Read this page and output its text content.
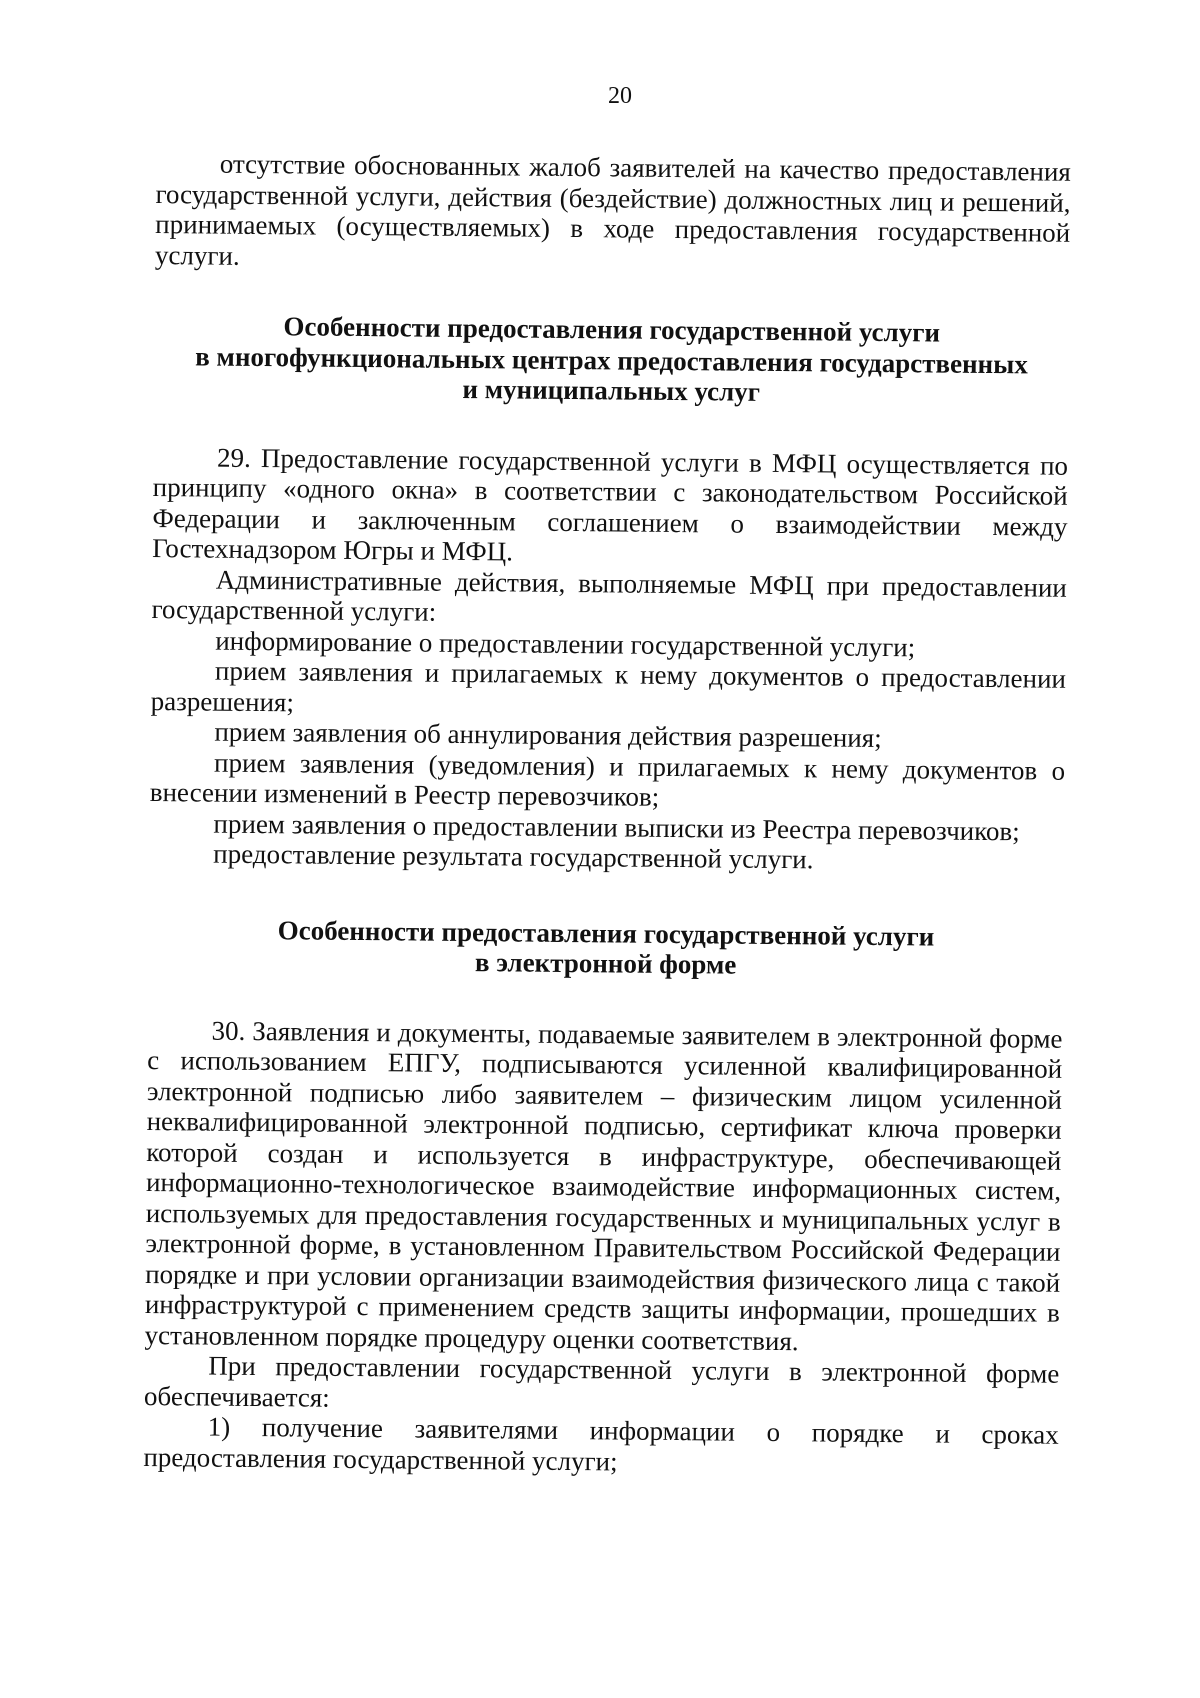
20

отсутствие обоснованных жалоб заявителей на качество предоставления государственной услуги, действия (бездействие) должностных лиц и решений, принимаемых (осуществляемых) в ходе предоставления государственной услуги.

Особенности предоставления государственной услуги
в многофункциональных центрах предоставления государственных
и муниципальных услуг

29. Предоставление государственной услуги в МФЦ осуществляется по принципу «одного окна» в соответствии с законодательством Российской Федерации и заключенным соглашением о взаимодействии между Гостехнадзором Югры и МФЦ.

Административные действия, выполняемые МФЦ при предоставлении государственной услуги:

информирование о предоставлении государственной услуги;

прием заявления и прилагаемых к нему документов о предоставлении разрешения;

прием заявления об аннулирования действия разрешения;

прием заявления (уведомления) и прилагаемых к нему документов о внесении изменений в Реестр перевозчиков;

прием заявления о предоставлении выписки из Реестра перевозчиков;

предоставление результата государственной услуги.

Особенности предоставления государственной услуги
в электронной форме

30. Заявления и документы, подаваемые заявителем в электронной форме с использованием ЕПГУ, подписываются усиленной квалифицированной электронной подписью либо заявителем – физическим лицом усиленной неквалифицированной электронной подписью, сертификат ключа проверки которой создан и используется в инфраструктуре, обеспечивающей информационно-технологическое взаимодействие информационных систем, используемых для предоставления государственных и муниципальных услуг в электронной форме, в установленном Правительством Российской Федерации порядке и при условии организации взаимодействия физического лица с такой инфраструктурой с применением средств защиты информации, прошедших в установленном порядке процедуру оценки соответствия.

При предоставлении государственной услуги в электронной форме обеспечивается:

1) получение заявителями информации о порядке и сроках предоставления государственной услуги;
